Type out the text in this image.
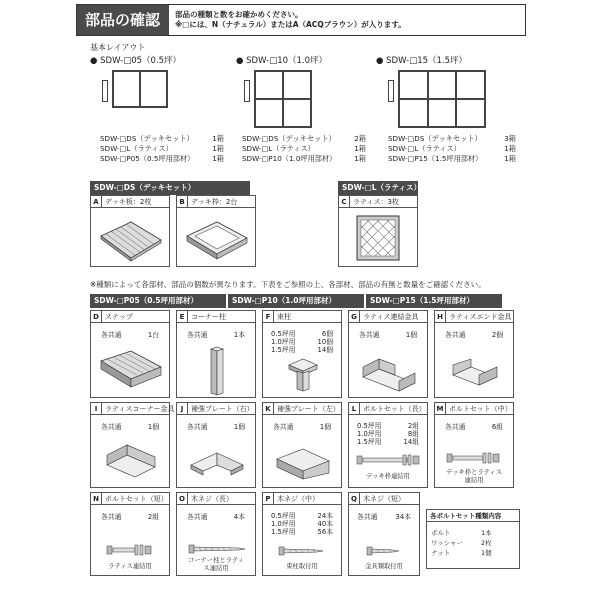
部品の確認	部品の種類と数をお確かめください。
※□には、N（ナチュラル）またはA（ACQブラウン）が入ります。
基本レイアウト
● SDW-□05（0.5坪）	● SDW-□10（1.0坪）	● SDW-□15（1.5坪）
SDW-□DS（デッキセット）	1箱
SDW-□L（ラティス）	1箱
SDW-□P05（0.5坪用部材） 1箱
SDW-□DS（デッキセット）	2箱
SDW-□L（ラティス）	1箱
SDW-□P10（1.0坪用部材） 1箱
SDW-□DS（デッキセット）	3箱
SDW-□L（ラティス）	1箱
SDW-□P15（1.5坪用部材）	1箱
SDW-□DS（デッキセット）
A デッキ板：2枚	B デッキ枠：2台
SDW-□L（ラティス）
C ラティス：3枚
※種類によって各部材、部品の個数が異なります。下表をご参照の上、各部材、部品の有無と数量をご確認ください。
SDW-□P05（0.5坪用部材）	SDW-□P10（1.0坪用部材）	SDW-□P15（1.5坪用部材）
D ステップ
各共通	1台
E コーナー柱
各共通	1本
F 束柱
0.5坪用	6個
1.0坪用	10個
1.5坪用	14個
G ラティス連結金具
各共通	1個
H ラティスエンド金具
各共通	2個
I ラティスコーナー金具
各共通	1個
J 補強プレート（右）
各共通	1個
K 補強プレート（左）
各共通	1個
L ボルトセット（長）
0.5坪用	2組
1.0坪用	8組
1.5坪用	14組
デッキ枠連結用
M ボルトセット（中）
各共通	6組
デッキ枠とラティス連結用
N ボルトセット（短）
各共通	2組
ラティス連結用
O 木ネジ（長）
各共通	4本
コーナー柱とラティス連結用
P 木ネジ（中）
0.5坪用	24本
1.0坪用	40本
1.5坪用	56本
束柱取付用
Q 木ネジ（短）
各共通	34本
金具類取付用
各ボルトセット種類内容
ボルト	1本
ワッシャー	2枚
ナット	1個
